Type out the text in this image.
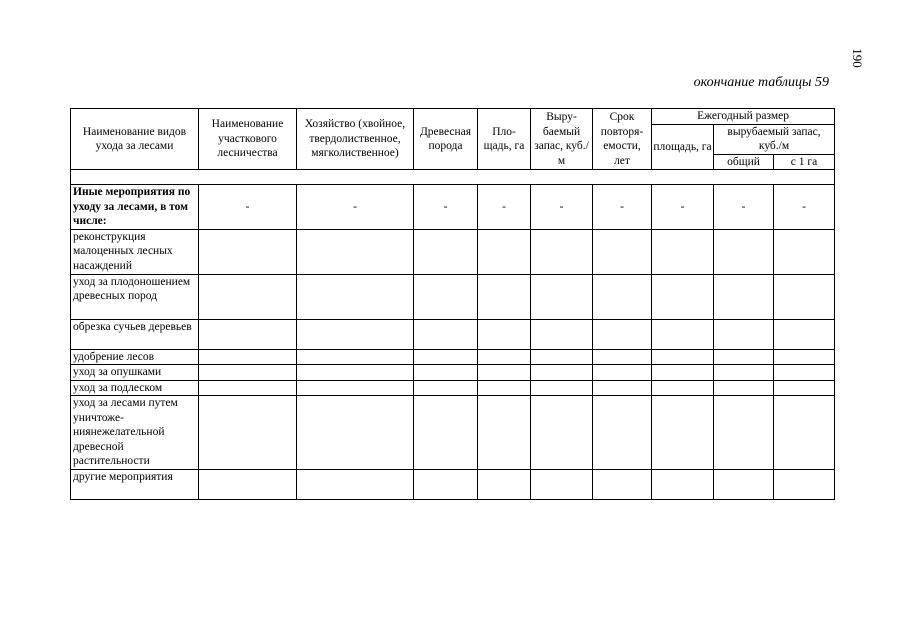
190
окончание таблицы 59
Наименование видов ухода за лесами	Наименование участкового лесничества	Хозяйство (хвойное, твердолиственное, мягколиственное)	Древесная порода	Пло-щадь, га	Выру-баемый запас, куб./м	Срок повторя-емости, лет	Ежегодный размер		
							площадь, га	вырубаемый запас, куб./м	
								общий	с 1 га

Иные мероприятия по уходу за лесами, в том числе:	-	-	-	-	-	-	-	-	-
реконструкция малоценных лесных насаждений									
уход за плодоношением древесных пород									
обрезка сучьев деревьев									
удобрение лесов									
уход за опушками									
уход за подлеском									
уход за лесами путем уничтоже-ниянежелательной древесной растительности									
другие мероприятия									
